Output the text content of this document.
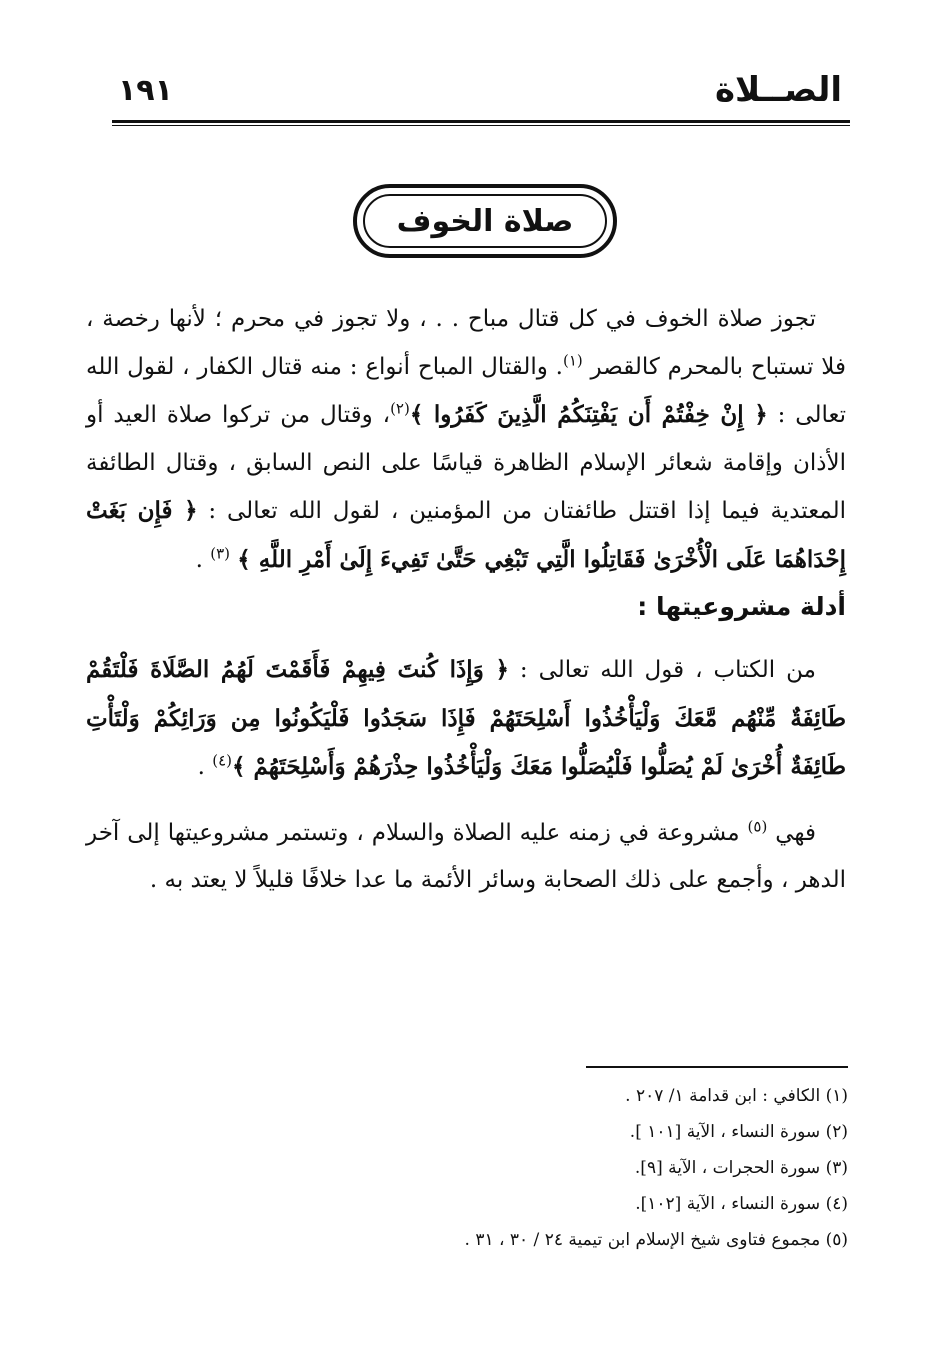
الصــلاة
١٩١
صلاة الخوف

تجوز صلاة الخوف في كل قتال مباح . . ، ولا تجوز في محرم ؛ لأنها رخصة ، فلا تستباح بالمحرم كالقصر $^{(١)}$. والقتال المباح أنواع : منه قتال الكفار ، لقول الله تعالى : ﴿ إِنْ خِفْتُمْ أَن يَفْتِنَكُمُ الَّذِينَ كَفَرُوا ﴾$^{(٢)}$، وقتال من تركوا صلاة العيد أو الأذان وإقامة شعائر الإسلام الظاهرة قياسًا على النص السابق ، وقتال الطائفة المعتدية فيما إذا اقتتل طائفتان من المؤمنين ، لقول الله تعالى : ﴿ فَإِن بَغَتْ إِحْدَاهُمَا عَلَى الْأُخْرَىٰ فَقَاتِلُوا الَّتِي تَبْغِي حَتَّىٰ تَفِيءَ إِلَىٰ أَمْرِ اللَّهِ ﴾ $^{(٣)}$ .

أدلة مشروعيتها :

من الكتاب ، قول الله تعالى : ﴿ وَإِذَا كُنتَ فِيهِمْ فَأَقَمْتَ لَهُمُ الصَّلَاةَ فَلْتَقُمْ طَائِفَةٌ مِّنْهُم مَّعَكَ وَلْيَأْخُذُوا أَسْلِحَتَهُمْ فَإِذَا سَجَدُوا فَلْيَكُونُوا مِن وَرَائِكُمْ وَلْتَأْتِ طَائِفَةٌ أُخْرَىٰ لَمْ يُصَلُّوا فَلْيُصَلُّوا مَعَكَ وَلْيَأْخُذُوا حِذْرَهُمْ وَأَسْلِحَتَهُمْ ﴾$^{(٤)}$ .

فهي $^{(٥)}$ مشروعة في زمنه عليه الصلاة والسلام ، وتستمر مشروعيتها إلى آخر الدهر ، وأجمع على ذلك الصحابة وسائر الأئمة ما عدا خلافًا قليلاً لا يعتد به .

(١) الكافي : ابن قدامة ١/ ٢٠٧ .
(٢) سورة النساء ، الآية [١٠١ ].
(٣) سورة الحجرات ، الآية [٩].
(٤) سورة النساء ، الآية [١٠٢].
(٥) مجموع فتاوى شيخ الإسلام ابن تيمية ٢٤ / ٣٠ ، ٣١ .
